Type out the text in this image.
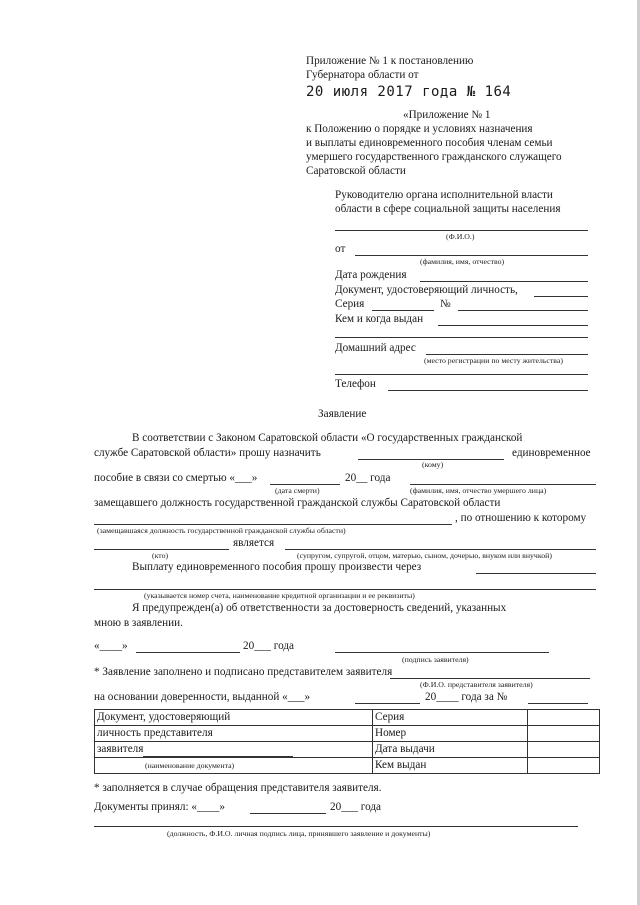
Приложение № 1 к постановлению
Губернатора области от
20 июля 2017 года № 164
«Приложение № 1
к Положению о порядке и условиях назначения
и выплаты единовременного пособия членам семьи
умершего государственного гражданского служащего
Саратовской области
Руководителю органа исполнительной власти
области в сфере социальной защиты населения
(Ф.И.О.)
от
(фамилия, имя, отчество)
Дата рождения
Документ, удостоверяющий личность,
Серия	№
Кем и когда выдан
Домашний адрес
(место регистрации по месту жительства)
Телефон
Заявление
В соответствии с Законом Саратовской области «О государственных гражданской
службе Саратовской области» прошу назначить	единовременное
(кому)
пособие в связи со смертью «___»	20__ года
(дата смерти)	(фамилия, имя, отчество умершего лица)
замещавшего должность государственной гражданской службы Саратовской области
, по отношению к которому
(замещавшаяся должность государственной гражданской службы области)
является
(кто)	(супругом, супругой, отцом, матерью, сыном, дочерью, внуком или внучкой)
Выплату единовременного пособия прошу произвести через
(указывается номер счета, наименование кредитной организации и ее реквизиты)
Я предупрежден(а) об ответственности за достоверность сведений, указанных
мною в заявлении.
«____»	20___ года
(подпись заявителя)
* Заявление заполнено и подписано представителем заявителя
(Ф.И.О. представителя заявителя)
на основании доверенности, выданной «___»	20____ года за №
Документ, удостоверяющий	Серия	
личность представителя	Номер	
заявителя	Дата выдачи	
(наименование документа)	Кем выдан	
* заполняется в случае обращения представителя заявителя.
Документы принял: «____»	20___ года
(должность, Ф.И.О. личная подпись лица, принявшего заявление и документы)
